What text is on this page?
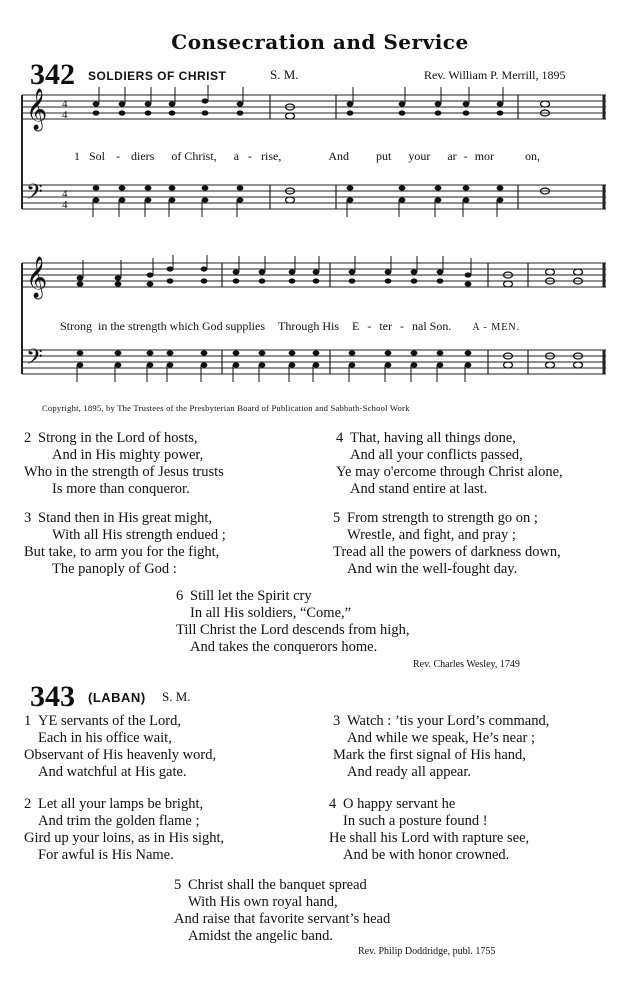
Consecration and Service
342 SOLDIERS OF CHRIST	S. M.	Rev. William P. Merrill, 1895
𝄞
𝄢
4
4
4
4
1 Sol - diers of Christ, a - rise,	And put your ar - mor	on,
𝄞
𝄢
Strong in the strength which God supplies Through His E - ter - nal Son. A - MEN.
Copyright, 1895, by The Trustees of the Presbyterian Board of Publication and Sabbath-School Work
2 Strong in the Lord of hosts,
And in His mighty power,
Who in the strength of Jesus trusts
Is more than conqueror.
3 Stand then in His great might,
With all His strength endued ;
But take, to arm you for the fight,
The panoply of God :
4 That, having all things done,
And all your conflicts passed,
Ye may o'ercome through Christ alone,
And stand entire at last.
5 From strength to strength go on ;
Wrestle, and fight, and pray ;
Tread all the powers of darkness down,
And win the well-fought day.
6 Still let the Spirit cry
In all His soldiers, “Come,”
Till Christ the Lord descends from high,
And takes the conquerors home.
Rev. Charles Wesley, 1749
343 (LABAN) S. M.
1 YE servants of the Lord,
Each in his office wait,
Observant of His heavenly word,
And watchful at His gate.
2 Let all your lamps be bright,
And trim the golden flame ;
Gird up your loins, as in His sight,
For awful is His Name.
3 Watch : ’tis your Lord’s command,
And while we speak, He’s near ;
Mark the first signal of His hand,
And ready all appear.
4 O happy servant he
In such a posture found !
He shall his Lord with rapture see,
And be with honor crowned.
5 Christ shall the banquet spread
With His own royal hand,
And raise that favorite servant’s head
Amidst the angelic band.
Rev. Philip Doddridge, publ. 1755
